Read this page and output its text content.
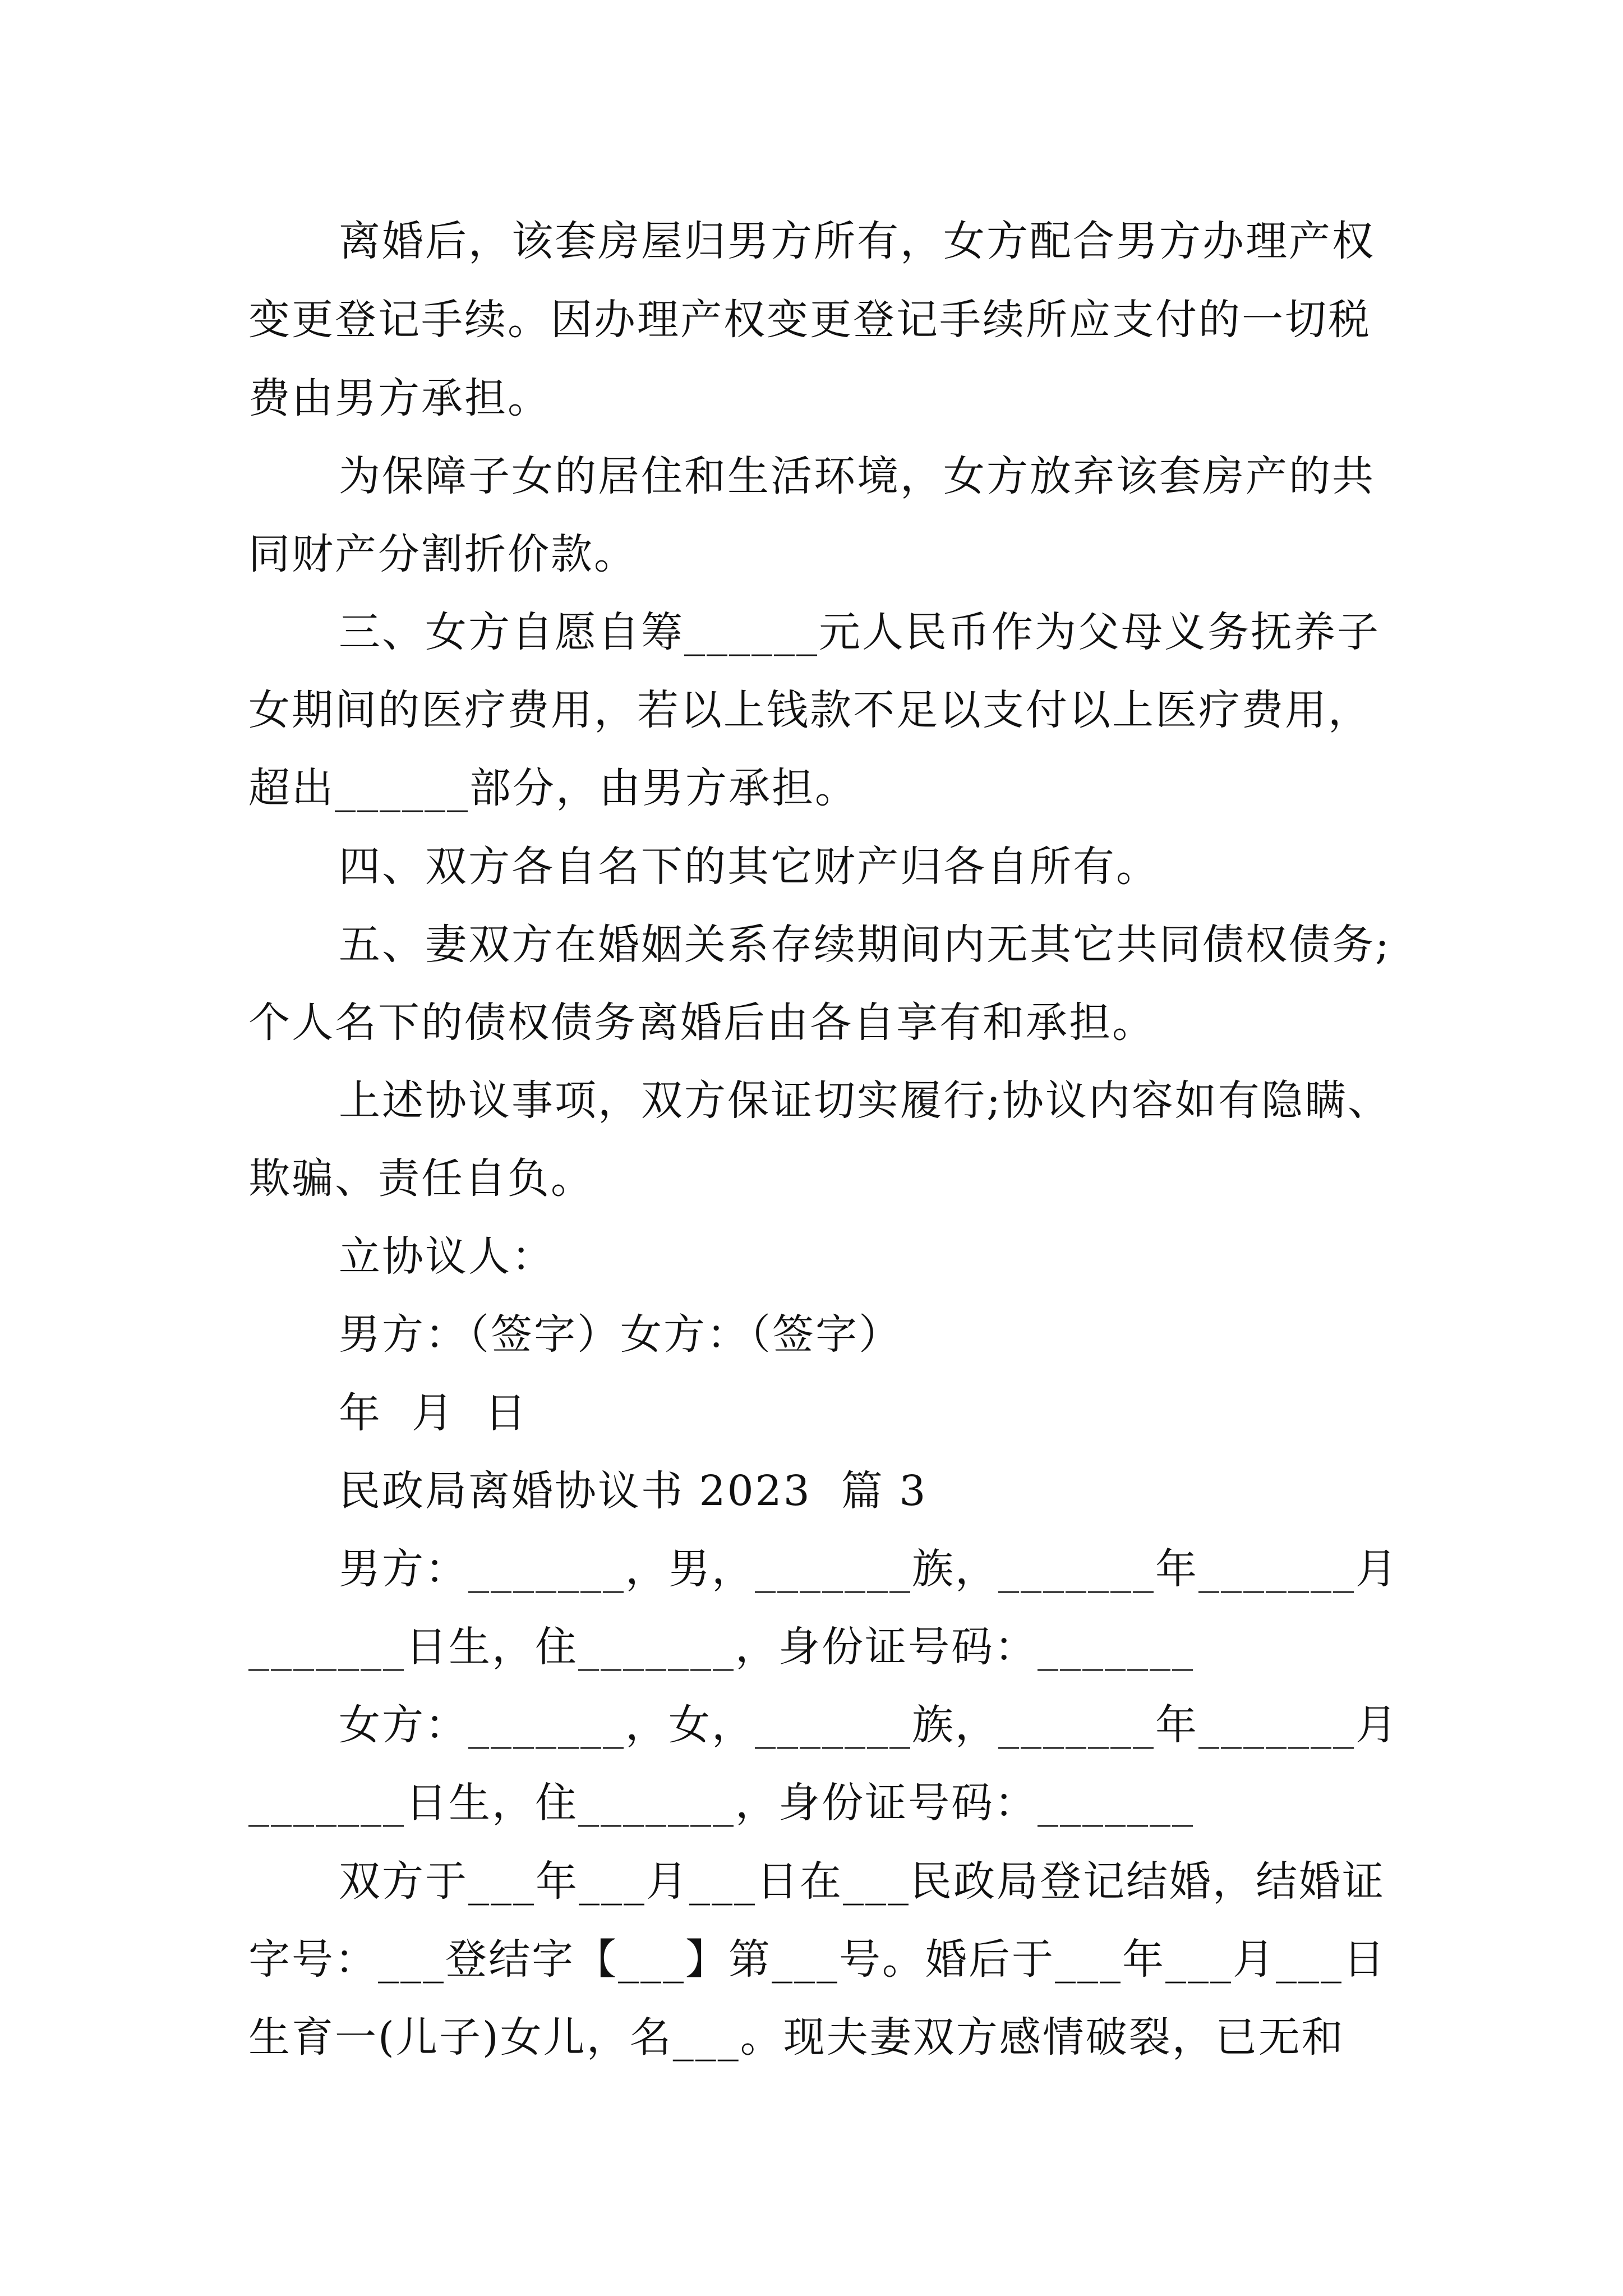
离婚后，该套房屋归男方所有，女方配合男方办理产权
变更登记手续。因办理产权变更登记手续所应支付的一切税
费由男方承担。
为保障子女的居住和生活环境，女方放弃该套房产的共
同财产分割折价款。
三、女方自愿自筹______元人民币作为父母义务抚养子
女期间的医疗费用，若以上钱款不足以支付以上医疗费用，
超出______部分，由男方承担。
四、双方各自名下的其它财产归各自所有。
五、妻双方在婚姻关系存续期间内无其它共同债权债务;
个人名下的债权债务离婚后由各自享有和承担。
上述协议事项，双方保证切实履行;协议内容如有隐瞒、
欺骗、责任自负。
立协议人：
男方：（签字）女方：（签字）
年  月  日
民政局离婚协议书 2023  篇 3
男方：_______，男，_______族，_______年_______月
_______日生，住_______，身份证号码：_______
女方：_______，女，_______族，_______年_______月
_______日生，住_______，身份证号码：_______
双方于___年___月___日在___民政局登记结婚，结婚证
字号：___登结字【___】第___号。婚后于___年___月___日
生育一(儿子)女儿，名___。现夫妻双方感情破裂，已无和
